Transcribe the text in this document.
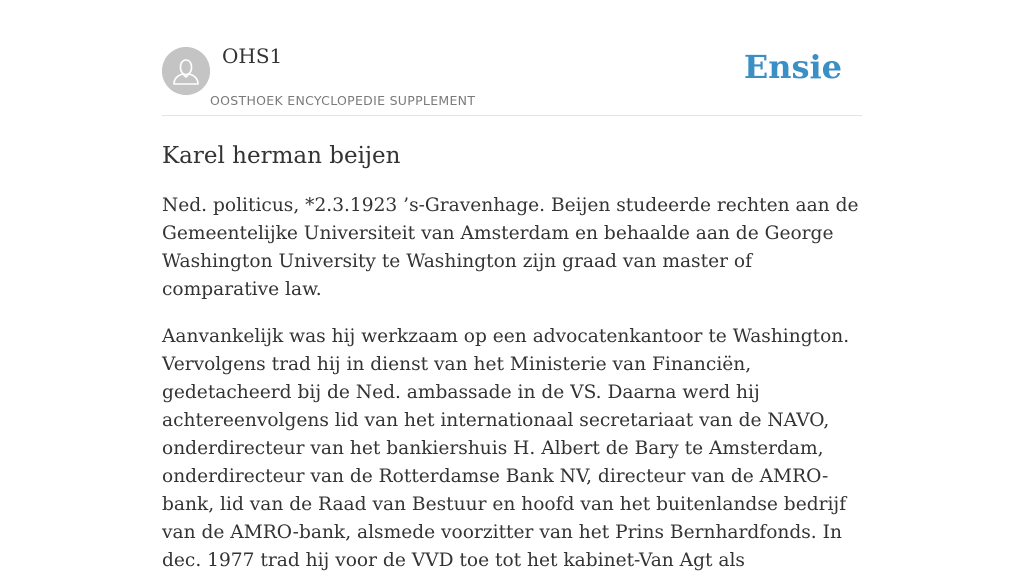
OHS1

OOSTHOEK ENCYCLOPEDIE SUPPLEMENT

Ensie

Karel herman beijen

Ned. politicus, *2.3.1923 ’s-Gravenhage. Beijen studeerde rechten aan de Gemeentelijke Universiteit van Amsterdam en behaalde aan de George Washington University te Washington zijn graad van master of comparative law.

Aanvankelijk was hij werkzaam op een advocatenkantoor te Washington. Vervolgens trad hij in dienst van het Ministerie van Financiën, gedetacheerd bij de Ned. ambassade in de VS. Daarna werd hij achtereenvolgens lid van het internationaal secretariaat van de NAVO, onderdirecteur van het bankiershuis H. Albert de Bary te Amsterdam, onderdirecteur van de Rotterdamse Bank NV, directeur van de AMRO-bank, lid van de Raad van Bestuur en hoofd van het buitenlandse bedrijf van de AMRO-bank, alsmede voorzitter van het Prins Bernhardfonds. In dec. 1977 trad hij voor de VVD toe tot het kabinet-Van Agt als
